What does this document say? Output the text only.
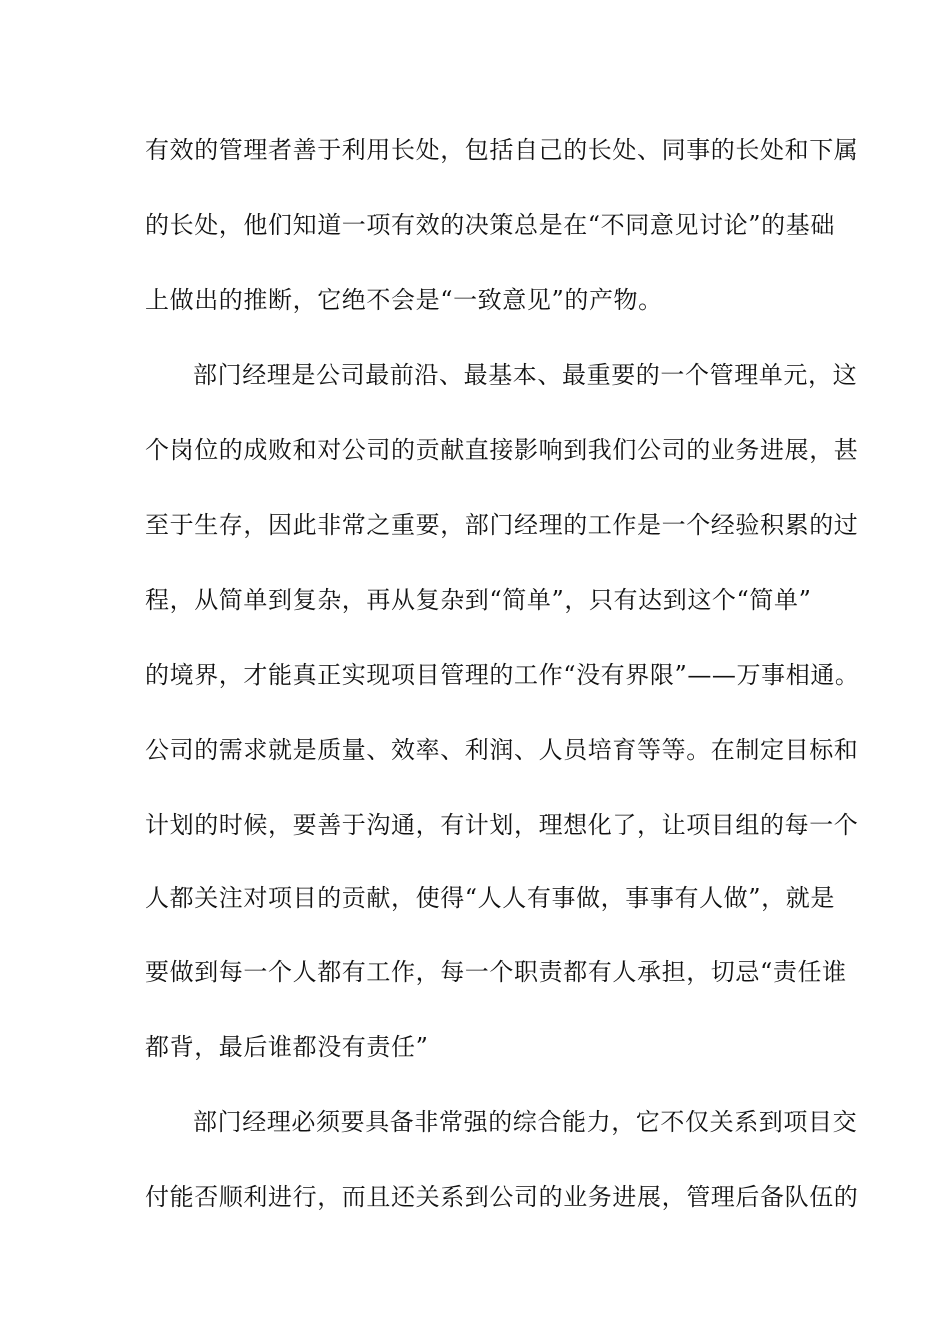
有效的管理者善于利用长处，包括自己的长处、同事的长处和下属
的长处，他们知道一项有效的决策总是在“不同意见讨论”的基础
上做出的推断，它绝不会是“一致意见”的产物。
部门经理是公司最前沿、最基本、最重要的一个管理单元，这
个岗位的成败和对公司的贡献直接影响到我们公司的业务进展，甚
至于生存，因此非常之重要，部门经理的工作是一个经验积累的过
程，从简单到复杂，再从复杂到“简单”，只有达到这个“简单”
的境界，才能真正实现项目管理的工作“没有界限”——万事相通。
公司的需求就是质量、效率、利润、人员培育等等。在制定目标和
计划的时候，要善于沟通，有计划，理想化了，让项目组的每一个
人都关注对项目的贡献，使得“人人有事做，事事有人做”，就是
要做到每一个人都有工作，每一个职责都有人承担，切忌“责任谁
都背，最后谁都没有责任”
部门经理必须要具备非常强的综合能力，它不仅关系到项目交
付能否顺利进行，而且还关系到公司的业务进展，管理后备队伍的
